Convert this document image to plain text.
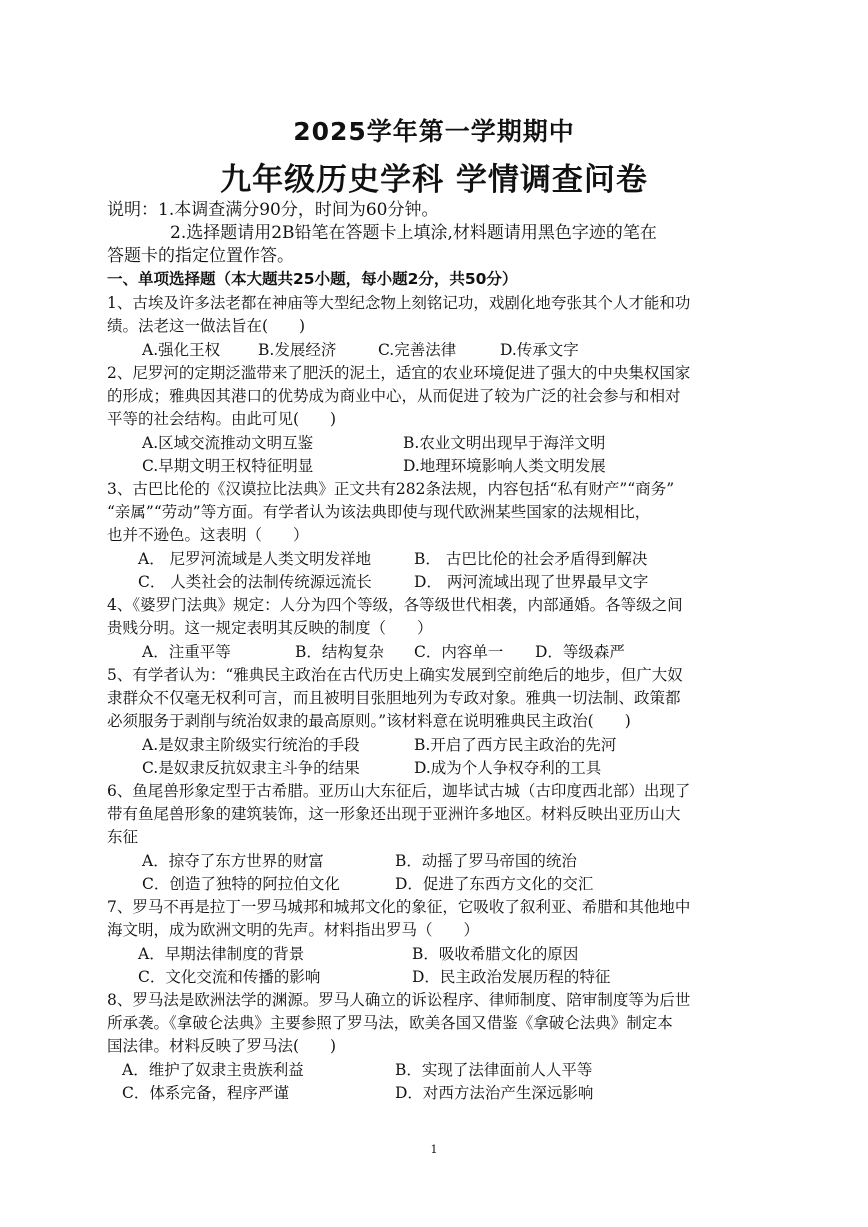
2025学年第一学期期中
九年级历史学科 学情调查问卷
说明：1.本调查满分90分，时间为60分钟。
2.选择题请用2B铅笔在答题卡上填涂,材料题请用黑色字迹的笔在
答题卡的指定位置作答。
一、单项选择题（本大题共25小题，每小题2分，共50分）
1、古埃及许多法老都在神庙等大型纪念物上刻铭记功，戏剧化地夸张其个人才能和功
绩。法老这一做法旨在(　　)
A.强化王权 B.发展经济	C.完善法律	D.传承文字
2、尼罗河的定期泛滥带来了肥沃的泥土，适宜的农业环境促进了强大的中央集权国家
的形成；雅典因其港口的优势成为商业中心，从而促进了较为广泛的社会参与和相对
平等的社会结构。由此可见(　　)
A.区域交流推动文明互鉴	B.农业文明出现早于海洋文明
C.早期文明王权特征明显	D.地理环境影响人类文明发展
3、古巴比伦的《汉谟拉比法典》正文共有282条法规，内容包括“私有财产”“商务”
“亲属”“劳动”等方面。有学者认为该法典即使与现代欧洲某些国家的法规相比，
也并不逊色。这表明（　　）
A． 尼罗河流域是人类文明发祥地	B． 古巴比伦的社会矛盾得到解决
C． 人类社会的法制传统源远流长	D． 两河流域出现了世界最早文字
4、《婆罗门法典》规定：人分为四个等级，各等级世代相袭，内部通婚。各等级之间
贵贱分明。这一规定表明其反映的制度（　　）
A．注重平等	B．结构复杂 C．内容单一 D．等级森严
5、有学者认为：“雅典民主政治在古代历史上确实发展到空前绝后的地步，但广大奴
隶群众不仅毫无权利可言，而且被明目张胆地列为专政对象。雅典一切法制、政策都
必须服务于剥削与统治奴隶的最高原则。”该材料意在说明雅典民主政治(　　)
A.是奴隶主阶级实行统治的手段	B.开启了西方民主政治的先河
C.是奴隶反抗奴隶主斗争的结果	D.成为个人争权夺利的工具
6、鱼尾兽形象定型于古希腊。亚历山大东征后，迦毕试古城（古印度西北部）出现了
带有鱼尾兽形象的建筑装饰，这一形象还出现于亚洲许多地区。材料反映出亚历山大
东征
A．掠夺了东方世界的财富	B．动摇了罗马帝国的统治
C．创造了独特的阿拉伯文化	D．促进了东西方文化的交汇
7、罗马不再是拉丁一罗马城邦和城邦文化的象征，它吸收了叙利亚、希腊和其他地中
海文明，成为欧洲文明的先声。材料指出罗马（　　）
A．早期法律制度的背景	B．吸收希腊文化的原因
C．文化交流和传播的影响	D．民主政治发展历程的特征
8、罗马法是欧洲法学的渊源。罗马人确立的诉讼程序、律师制度、陪审制度等为后世
所承袭。《拿破仑法典》主要参照了罗马法，欧美各国又借鉴《拿破仑法典》制定本
国法律。材料反映了罗马法(　　)
A．维护了奴隶主贵族利益	B．实现了法律面前人人平等
C．体系完备，程序严谨	D．对西方法治产生深远影响
1
